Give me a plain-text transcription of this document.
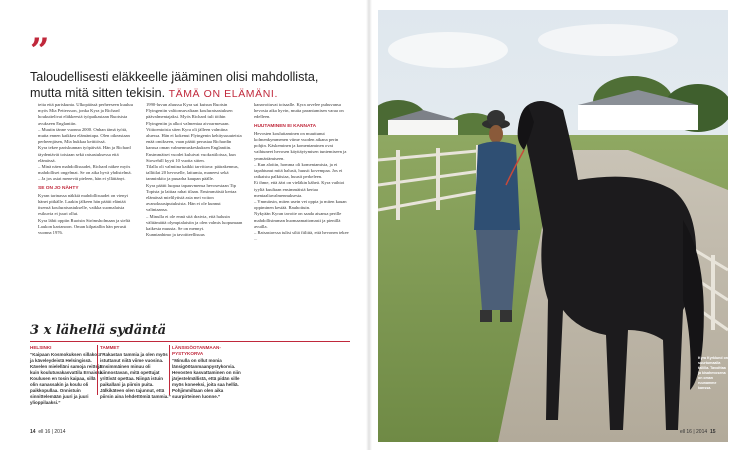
”
Taloudellisesti eläkkeelle jääminen olisi mahdollista, mutta mitä sitten tekisin. TÄMÄ ON ELÄMÄNI.

teita että pariskunta. Ulkopäässä perheeseen kuuluu myös Mia Pettersson, jonka Kyra ja Richard houkuttelivat eläkkeestä työpaikastaan Ruotsista avukseen Englantiin.

– Muutin tänne vuonna 2000. Onhan tämä työtä, mutta ennen kaikkea elämäntapa. Olen oikeastaan perheenjäsen, Mia hukkaa keittiössä.

Kyra tekee pariskunnan työpäivää. Hän ja Richard täydentävät toisiaan sekä ratsastuksessa että elämässä.

– Minä näen mahdollisuudet, Richard näkee myös mahdolliset ongelmat. Se on aika hyvä yhdistelmä.

– Ja jos asiat menevät pieleen, hän ei yllättänyt.

SE ON JO NÄHTY

Kyran tarinassa näkkiä mahdollisuudet on vienyt hänet pitkälle. Laakin jälkeen hän päätti eläntää itsensä kouluratsastukselle, vaikka suomalaisia esikuvia ei juuri ollut.

Kyra lähti oppiin Ruotsin Strömsholmaan ja sieltä Laukon kartanoon. Oman kilpatallin hän perusti vuonna 1976.

1990-luvun aluussa Kyra sai kutsun Ruotsin Flyingeniin valtionsuvaltaan kouluratsastuksen päävalmentajaksi. Myös Richard tuli töihin Flyingeniin ja alkoi valmentaa aivoarmesaan.

Viittoentoista siten Kyra oli jälleen valmiina aluessa. Hän ei kokenut Flyingenin kehitysuuuteista enää omikseen, vaan päätti perustaa Richardin kanssa oman valmennuskeskuksen Englantiin. Ensimmäiset vuodet kuluivat vuokratiloissa, kun Stowehill kyyti 10 vuotta sitten.

Tilalla oli valmiina kaikki tarvittava: päärakennus, tallitilat 20 hevoselle, laitumia, maneesi sekä tanminkito ja puuarha kaupan päälle.

Kyra päätti luopua tapauvmensa hevosestaan Tip Topista ja laittaa rahat tilaan. Ensimmäistä kertaa elämässä mielilytistä asia mei voiton avanokuusiputuksista. Hän ei ole kunnut valintaansa.

– Minulla ei ole ennä sitä draivia, että halusin välttämättä olympialaisiin ja olen valmis luopumaan kaikesta muusta. Se on mennyt.

Kunnianhimo ja tavoitteellisuus

kanavoituvat toisaalle. Kyra arvelee puhuvansa hevosia aika hyvin, mutta parantamisen varaa on edelleen.

HUUTAMINEN EI KANNATA

Hevosten kouluttaminen on muuttunut kolmenkymmenen viime vuoden aikana perin pohjin. Käskeminen ja komentaminen ovat vaihtuneet hevosen käyttäytymisen tuntemiseen ja ymmärtämiseen.

– Kun aloitin, homma oli komentamista, ja ei tapahtunut mitä halusit, huusit kovempaa. Jos ei ratkaistu palkitsiaa, huusit perkeleen.

Ei ihme, että ääri on vieläkin käheä. Kyra vaihtoi tyyliä kuultaan ensimmäistä kertaa mentaaliavalmennuksesta.

– Ymmärsin, miten usein vei oppia ja miten kauan oppiminen kestää. Rauhoituin.

Nykyään Kyran tavoite on saada aisansa perille mahdollisimman huomaamattomasti ja pienillä avuilla.

– Ratsastavssa tulisi siltä fiiliitä, että hevonen tekee ...

3 x lähellä sydäntä
HELSINKI
“Kaipaan Kosmokuksen sillakota ja käveleydeistä Helsingissä. Kävelen mielelläni samoja reittejä kuin koulutuvakasvattila Ernaissa. Koulusen en tosin kaipaa, sillä olin sanassakin ja koulu oli paikkopullaa. Onnistuin sinnittelemään juuri ja juuri ylioppilaaksi.”
TAMMET
“Rakastan tammia ja olen myös istuttanut niitä viime vuosina. Ensimmäinen minuu oli kiinnostavan, mitä opettujat yrittivät opettaa. Niinpä istuin paikallani ja piirsin puita. Jälkikäteen olen tajunnut, että piirsin aina lehdettömiä tammia.”
LÄNSIGÖOTANMAAN-PYSTYKORVA
“Minulla on ollut monia länsigöötanmaanpystykorvia. Hevosten kasvattaminen on niin järjestelmällistä, että pidän sille myös koneeksi, joita saa helliä. Pohjimmiltaan olen aika suurpirteinen luonne.”
14 ell 16 | 2014
Kyra Kyrklund on suurtumaalla tallilla. Tavoittaa ja kisahevosena on oman ruunamme kanssa.
ell 16 | 2014 15
